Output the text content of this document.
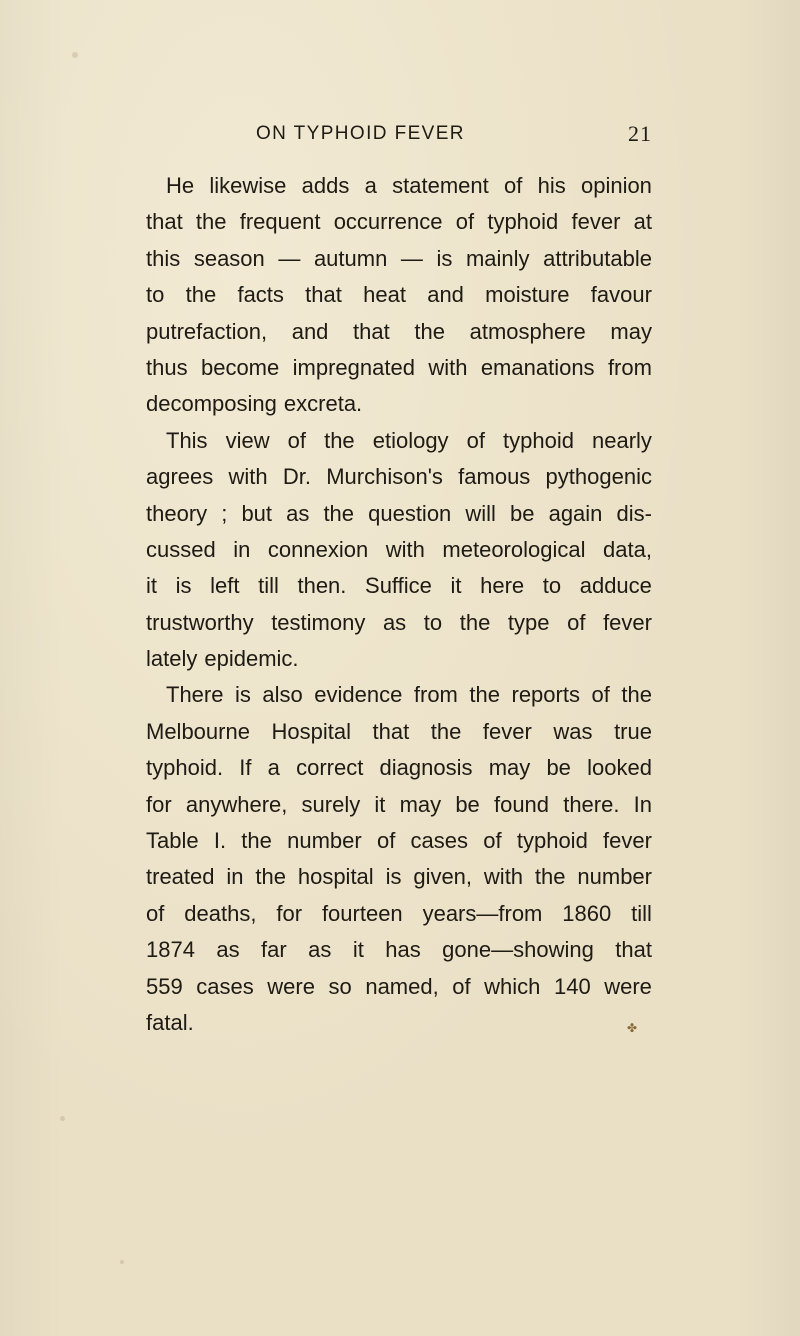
ON TYPHOID FEVER	21
He likewise adds a statement of his opinion
that the frequent occurrence of typhoid fever at
this season — autumn — is mainly attributable
to the facts that heat and moisture favour
putrefaction, and that the atmosphere may
thus become impregnated with emanations from
decomposing excreta.
This view of the etiology of typhoid nearly
agrees with Dr. Murchison's famous pythogenic
theory ; but as the question will be again dis-
cussed in connexion with meteorological data,
it is left till then. Suffice it here to adduce
trustworthy testimony as to the type of fever
lately epidemic.
There is also evidence from the reports of the
Melbourne Hospital that the fever was true
typhoid. If a correct diagnosis may be looked
for anywhere, surely it may be found there. In
Table I. the number of cases of typhoid fever
treated in the hospital is given, with the number
of deaths, for fourteen years—from 1860 till
1874 as far as it has gone—showing that
559 cases were so named, of which 140 were
fatal.	✤
